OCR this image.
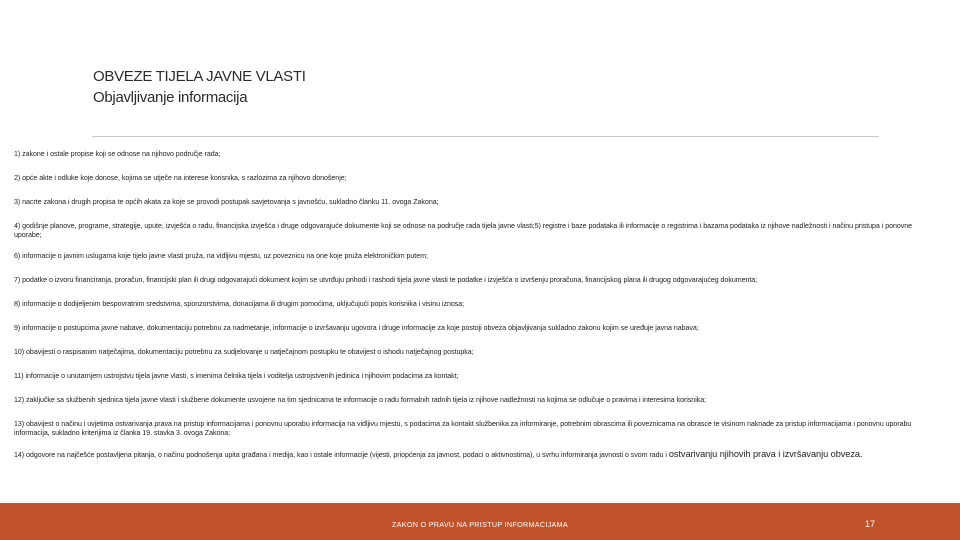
OBVEZE TIJELA JAVNE VLASTI
Objavljivanje informacija
1) zakone i ostale propise koji se odnose na njihovo područje rada;
2) opće akte i odluke koje donose, kojima se utječe na interese korisnika, s razlozima za njihovo donošenje;
3) nacrte zakona i drugih propisa te općih akata za koje se provodi postupak savjetovanja s javnošću, sukladno članku 11. ovoga Zakona;
4) godišnje planove, programe, strategije, upute, izvješća o radu, financijska izvješća i druge odgovarajuće dokumente koji se odnose na područje rada tijela javne vlasti;5) registre i baze podataka ili informacije o registrima i bazama podataka iz njihove nadležnosti i načinu pristupa i ponovne uporabe;
6) informacije o javnim uslugama koje tijelo javne vlasti pruža, na vidljivu mjestu, uz poveznicu na one koje pruža elektroničkim putem;
7) podatke o izvoru financiranja, proračun, financijski plan ili drugi odgovarajući dokument kojim se utvrđuju prihodi i rashodi tijela javne vlasti te podatke i izvješća o izvršenju proračuna, financijskog plana ili drugog odgovarajućeg dokumenta;
8) informacije o dodijeljenim bespovratnim sredstvima, sponzorstvima, donacijama ili drugim pomoćima, uključujući popis korisnika i visinu iznosa;
9) informacije o postupcima javne nabave, dokumentaciju potrebnu za nadmetanje, informacije o izvršavanju ugovora i druge informacije za koje postoji obveza objavljivanja sukladno zakonu kojim se uređuje javna nabava;
10) obavijesti o raspisanim natječajima, dokumentaciju potrebnu za sudjelovanje u natječajnom postupku te obavijest o ishodu natječajnog postupka;
11) informacije o unutarnjem ustrojstvu tijela javne vlasti, s imenima čelnika tijela i voditelja ustrojstvenih jedinica i njihovim podacima za kontakt;
12) zaključke sa službenih sjednica tijela javne vlasti i službene dokumente usvojene na tim sjednicama te informacije o radu formalnih radnih tijela iz njihove nadležnosti na kojima se odlučuje o pravima i interesima korisnika;
13) obavijest o načinu i uvjetima ostvarivanja prava na pristup informacijama i ponovnu uporabu informacija na vidljivu mjestu, s podacima za kontakt službenika za informiranje, potrebnim obrascima ili poveznicama na obrasce te visinom naknade za pristup informacijama i ponovnu uporabu informacija, sukladno kriterijima iz članka 19. stavka 3. ovoga Zakona;
14) odgovore na najčešće postavljena pitanja, o načinu podnošenja upita građana i medija, kao i ostale informacije (vijesti, priopćenja za javnost, podaci o aktivnostima), u svrhu informiranja javnosti o svom radu i ostvarivanju njihovih prava i izvršavanju obveza.
ZAKON O PRAVU NA PRISTUP INFORMACIJAMA	17
